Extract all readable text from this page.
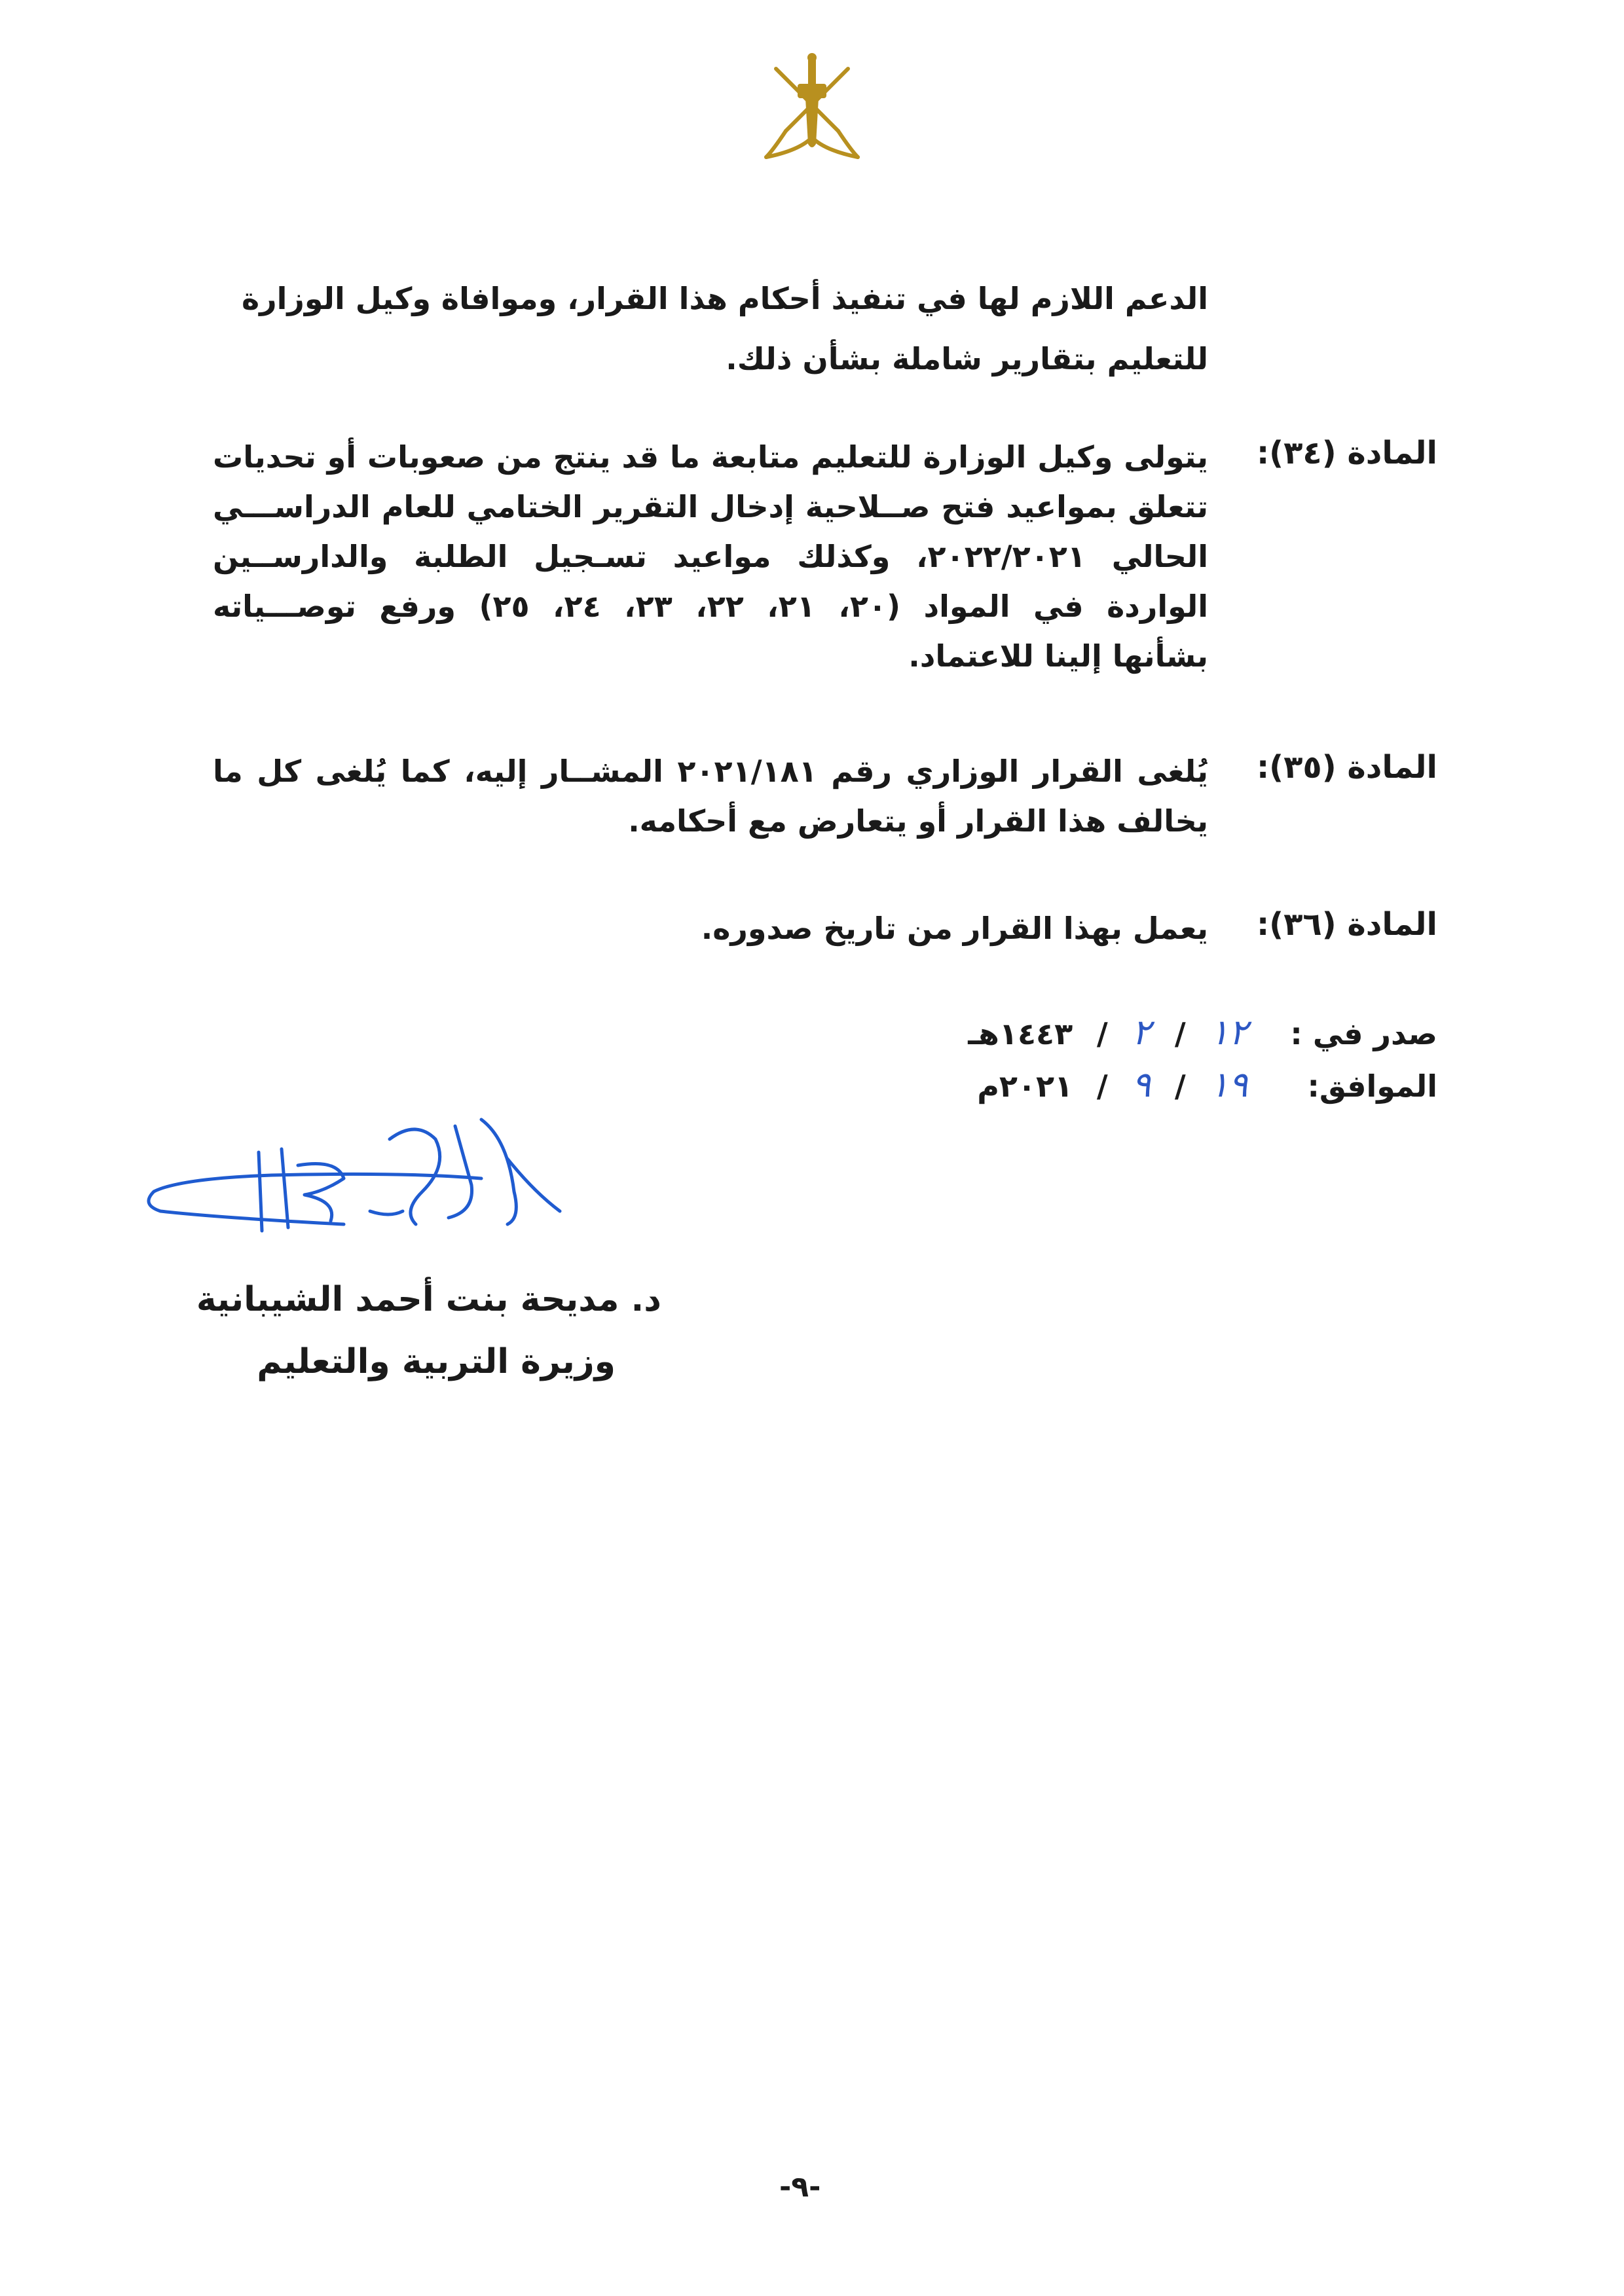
الدعم اللازم لها في تنفيذ أحكام هذا القرار، وموافاة وكيل الوزارة
للتعليم بتقارير شاملة بشأن ذلك.
المادة (٣٤):
يتولى وكيل الوزارة للتعليم متابعة ما قد ينتج من صعوبات أو تحديات
تتعلق بمواعيد فتح صــلاحية إدخال التقرير الختامي للعام الدراســـي
الحالي ٢٠٢٢/٢٠٢١، وكذلك مواعيد تسـجيل الطلبة والدارســين
الواردة في المواد (٢٠، ٢١، ٢٢، ٢٣، ٢٤، ٢٥) ورفع توصـــياته
بشأنها إلينا للاعتماد.
المادة (٣٥):
يُلغى القرار الوزاري رقم ٢٠٢١/١٨١ المشــار إليه، كما يُلغى كل ما
يخالف هذا القرار أو يتعارض مع أحكامه.
المادة (٣٦):
يعمل بهذا القرار من تاريخ صدوره.
صدر في : ١٢ / ٢ / ١٤٤٣هـ
الموافق: ١٩ / ٩ / ٢٠٢١م
د. مديحة بنت أحمد الشيبانية
وزيرة التربية والتعليم
-٩-
